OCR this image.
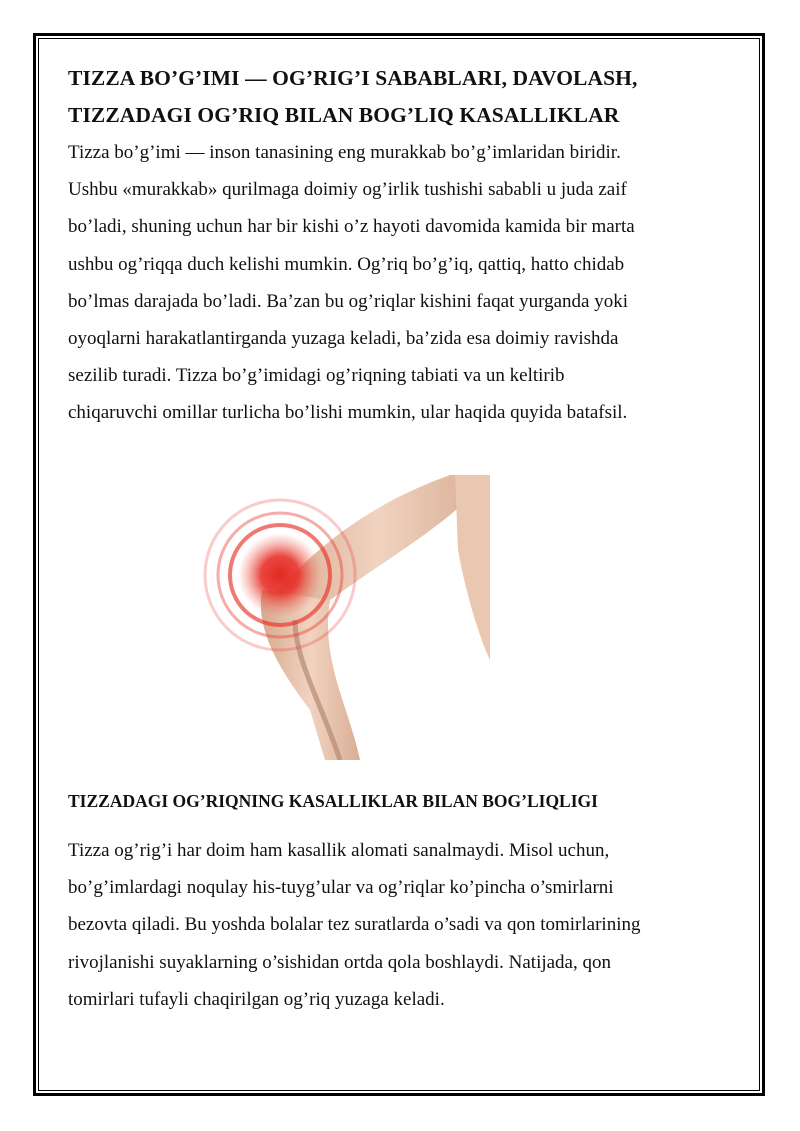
TIZZA BO’G’IMI — OG’RIG’I SABABLARI, DAVOLASH,
TIZZADAGI OG’RIQ BILAN BOG’LIQ KASALLIKLAR

Tizza bo’g’imi — inson tanasining eng murakkab bo’g’imlaridan biridir.
Ushbu «murakkab» qurilmaga doimiy og’irlik tushishi sababli u juda zaif
bo’ladi, shuning uchun har bir kishi o’z hayoti davomida kamida bir marta
ushbu og’riqqa duch kelishi mumkin. Og’riq bo’g’iq, qattiq, hatto chidab
bo’lmas darajada bo’ladi. Ba’zan bu og’riqlar kishini faqat yurganda yoki
oyoqlarni harakatlantirganda yuzaga keladi, ba’zida esa doimiy ravishda
sezilib turadi. Tizza bo’g’imidagi og’riqning tabiati va un keltirib
chiqaruvchi omillar turlicha bo’lishi mumkin, ular haqida quyida batafsil.

TIZZADAGI OG’RIQNING KASALLIKLAR BILAN BOG’LIQLIGI

Tizza og’rig’i har doim ham kasallik alomati sanalmaydi. Misol uchun,
bo’g’imlardagi noqulay his-tuyg’ular va og’riqlar ko’pincha o’smirlarni
bezovta qiladi. Bu yoshda bolalar tez suratlarda o’sadi va qon tomirlarining
rivojlanishi suyaklarning o’sishidan ortda qola boshlaydi. Natijada, qon
tomirlari tufayli chaqirilgan og’riq yuzaga keladi.
